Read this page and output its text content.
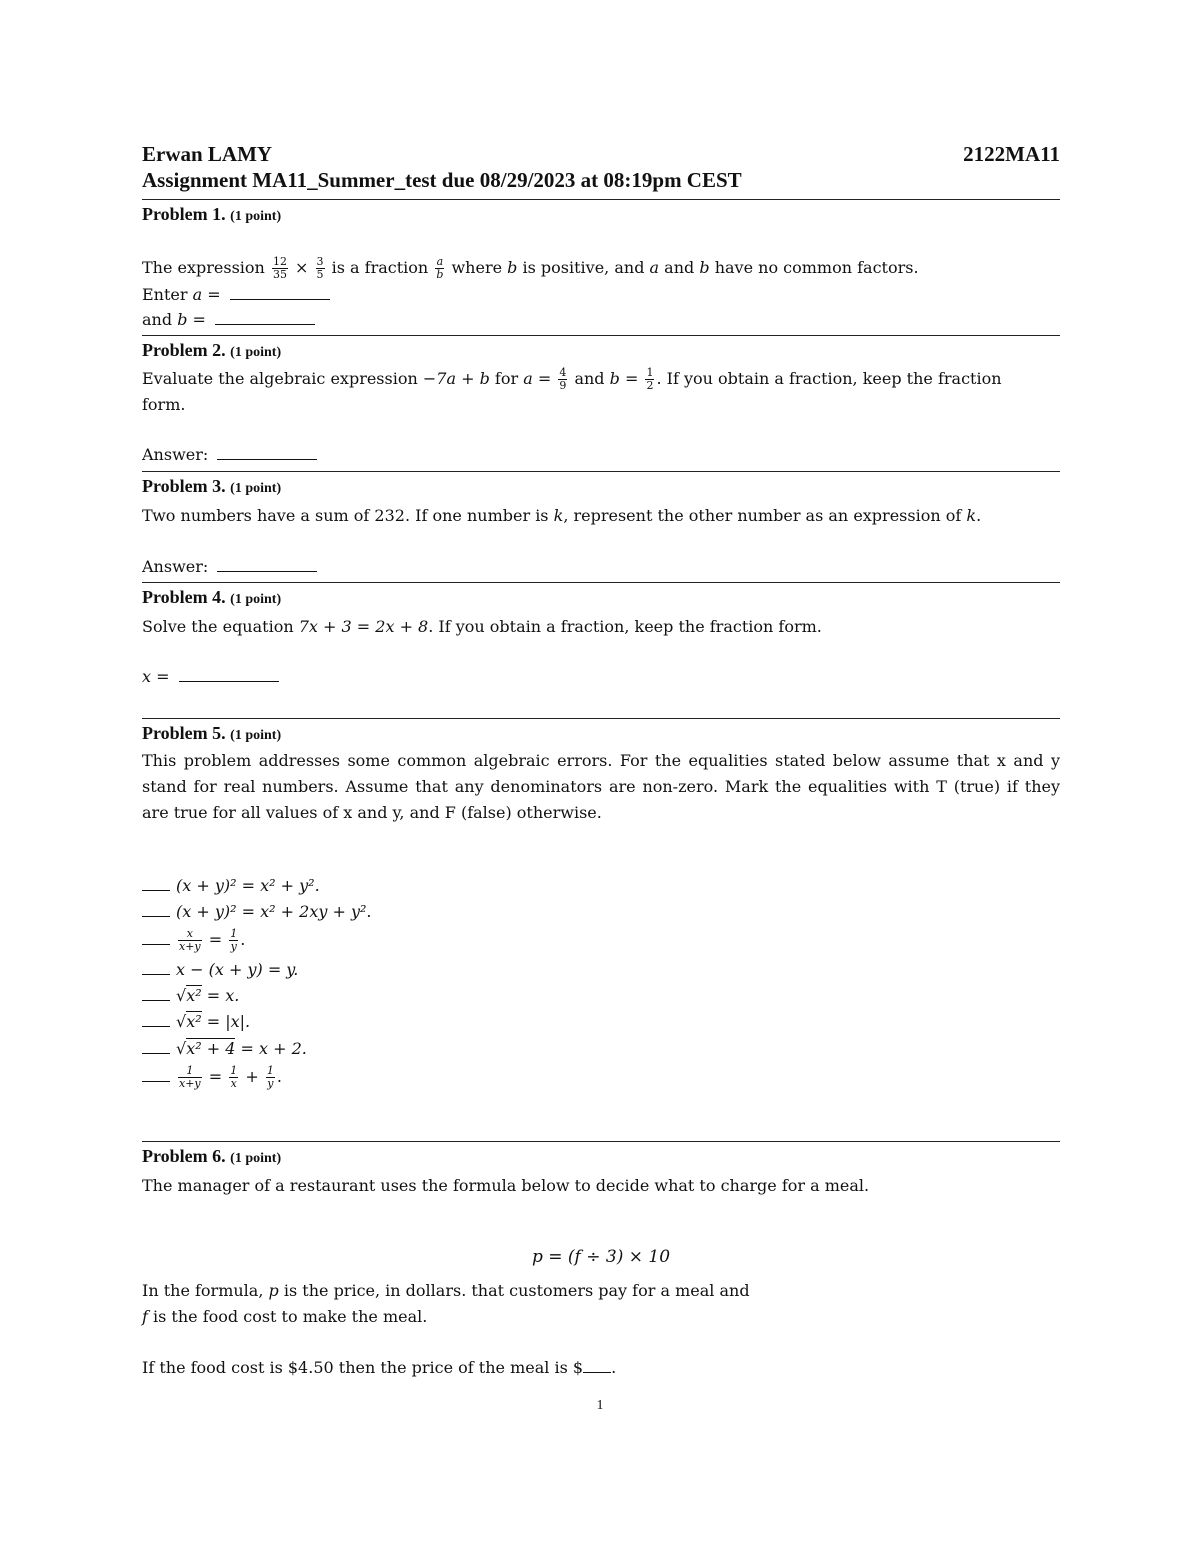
Erwan LAMY	2122MA11
Assignment MA11_Summer_test due 08/29/2023 at 08:19pm CEST
Problem 1. (1 point)
The expression $\frac{12}{35} \times \frac{3}{5}$ is a fraction $\frac{a}{b}$ where b is positive, and a and b have no common factors.
Enter a =
and b =
Problem 2. (1 point)
Evaluate the algebraic expression −7a + b for $a = \frac{4}{9}$ and $b = \frac{1}{2}$ . If you obtain a fraction, keep the fraction
form.
Answer:
Problem 3. (1 point)
Two numbers have a sum of 232. If one number is k, represent the other number as an expression of k.
Answer:
Problem 4. (1 point)
Solve the equation 7x + 3 = 2x + 8. If you obtain a fraction, keep the fraction form.
x =
Problem 5. (1 point)
This problem addresses some common algebraic errors. For the equalities stated below assume that x and y stand for real numbers. Assume that any denominators are non-zero. Mark the equalities with T (true) if they are true for all values of x and y, and F (false) otherwise.
(x + y)² = x² + y².
(x + y)² = x² + 2xy + y².
$\frac{x}{x+y} = \frac{1}{y}$ .
x − (x + y) = y.
√x² = x.
√x² = |x|.
√x² + 4 = x + 2.
$\frac{1}{x+y} = \frac{1}{x} + \frac{1}{y}$ .
Problem 6. (1 point)
The manager of a restaurant uses the formula below to decide what to charge for a meal.
p = (f ÷ 3) × 10
In the formula, p is the price, in dollars. that customers pay for a meal and
f is the food cost to make the meal.
If the food cost is $4.50 then the price of the meal is $ .
1
